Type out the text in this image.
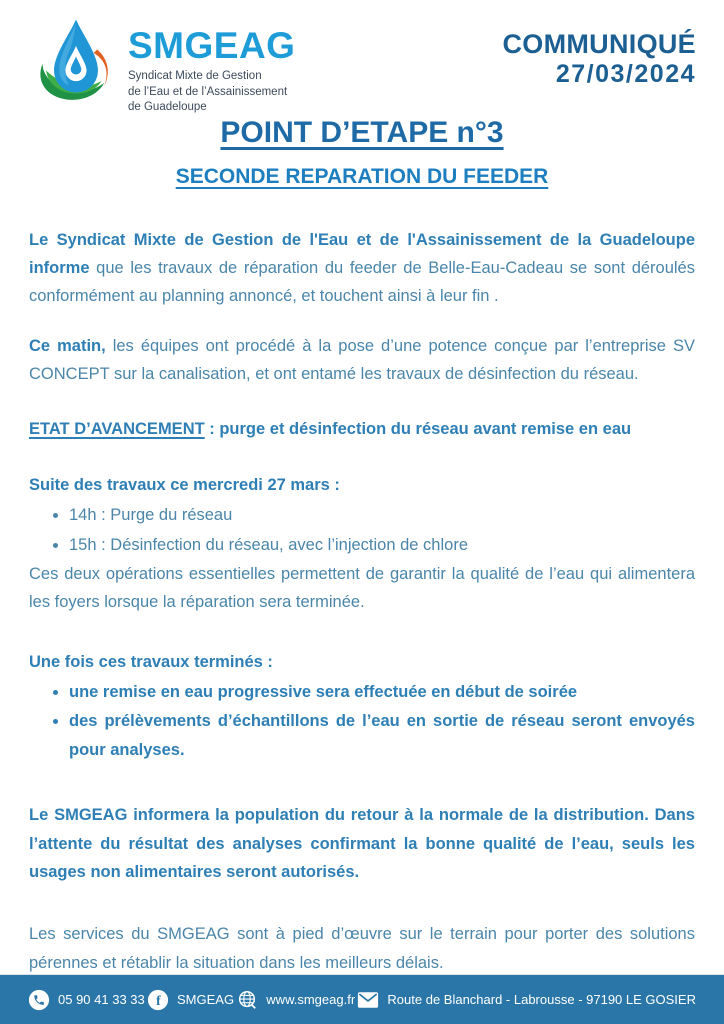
SMGEAG
Syndicat Mixte de Gestion
de l’Eau et de l’Assainissement
de Guadeloupe
COMMUNIQUÉ
27/03/2024
POINT D’ETAPE n°3
SECONDE REPARATION DU FEEDER

Le Syndicat Mixte de Gestion de l'Eau et de l'Assainissement de la Guadeloupe informe que les travaux de réparation du feeder de Belle-Eau-Cadeau se sont déroulés conformément au planning annoncé, et touchent ainsi à leur fin .

Ce matin, les équipes ont procédé à la pose d’une potence conçue par l’entreprise SV CONCEPT sur la canalisation, et ont entamé les travaux de désinfection du réseau.

ETAT D’AVANCEMENT : purge et désinfection du réseau avant remise en eau

Suite des travaux ce mercredi 27 mars :

• 14h : Purge du réseau
• 15h : Désinfection du réseau, avec l’injection de chlore

Ces deux opérations essentielles permettent de garantir la qualité de l’eau qui alimentera les foyers lorsque la réparation sera terminée.

Une fois ces travaux terminés :

• une remise en eau progressive sera effectuée en début de soirée
• des prélèvements d’échantillons de l’eau en sortie de réseau seront envoyés pour analyses.

Le SMGEAG informera la population du retour à la normale de la distribution. Dans l’attente du résultat des analyses confirmant la bonne qualité de l’eau, seuls les usages non alimentaires seront autorisés.

Les services du SMGEAG sont à pied d’œuvre sur le terrain pour porter des solutions pérennes et rétablir la situation dans les meilleurs délais.

05 90 41 33 33 f SMGEAG www.smgeag.fr Route de Blanchard - Labrousse - 97190 LE GOSIER
